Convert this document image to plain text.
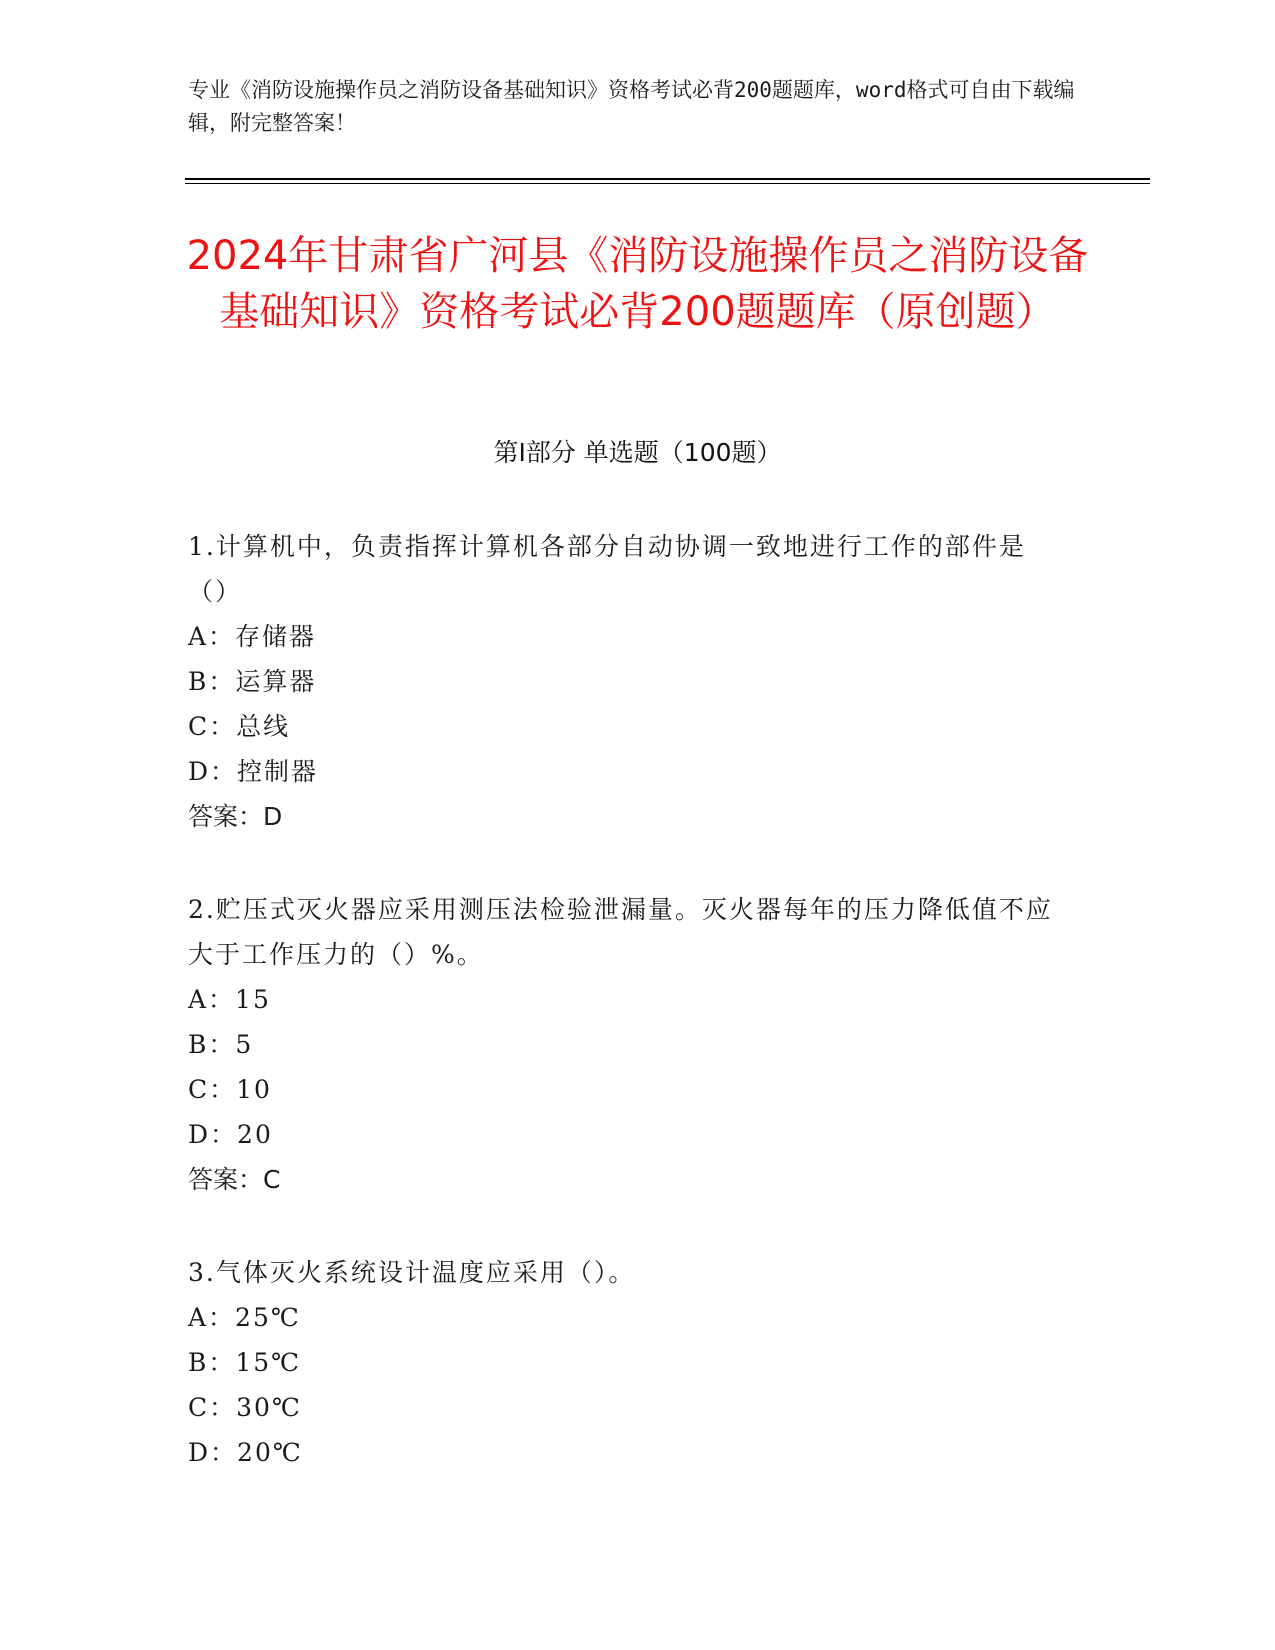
专业《消防设施操作员之消防设备基础知识》资格考试必背200题题库，word格式可自由下载编辑，附完整答案！
2024年甘肃省广河县《消防设施操作员之消防设备基础知识》资格考试必背200题题库（原创题）
第I部分 单选题（100题）
1.计算机中，负责指挥计算机各部分自动协调一致地进行工作的部件是（）
A：存储器
B：运算器
C：总线
D：控制器
答案：D
2.贮压式灭火器应采用测压法检验泄漏量。灭火器每年的压力降低值不应大于工作压力的（）%。
A：15
B：5
C：10
D：20
答案：C
3.气体灭火系统设计温度应采用（）。
A：25℃
B：15℃
C：30℃
D：20℃
